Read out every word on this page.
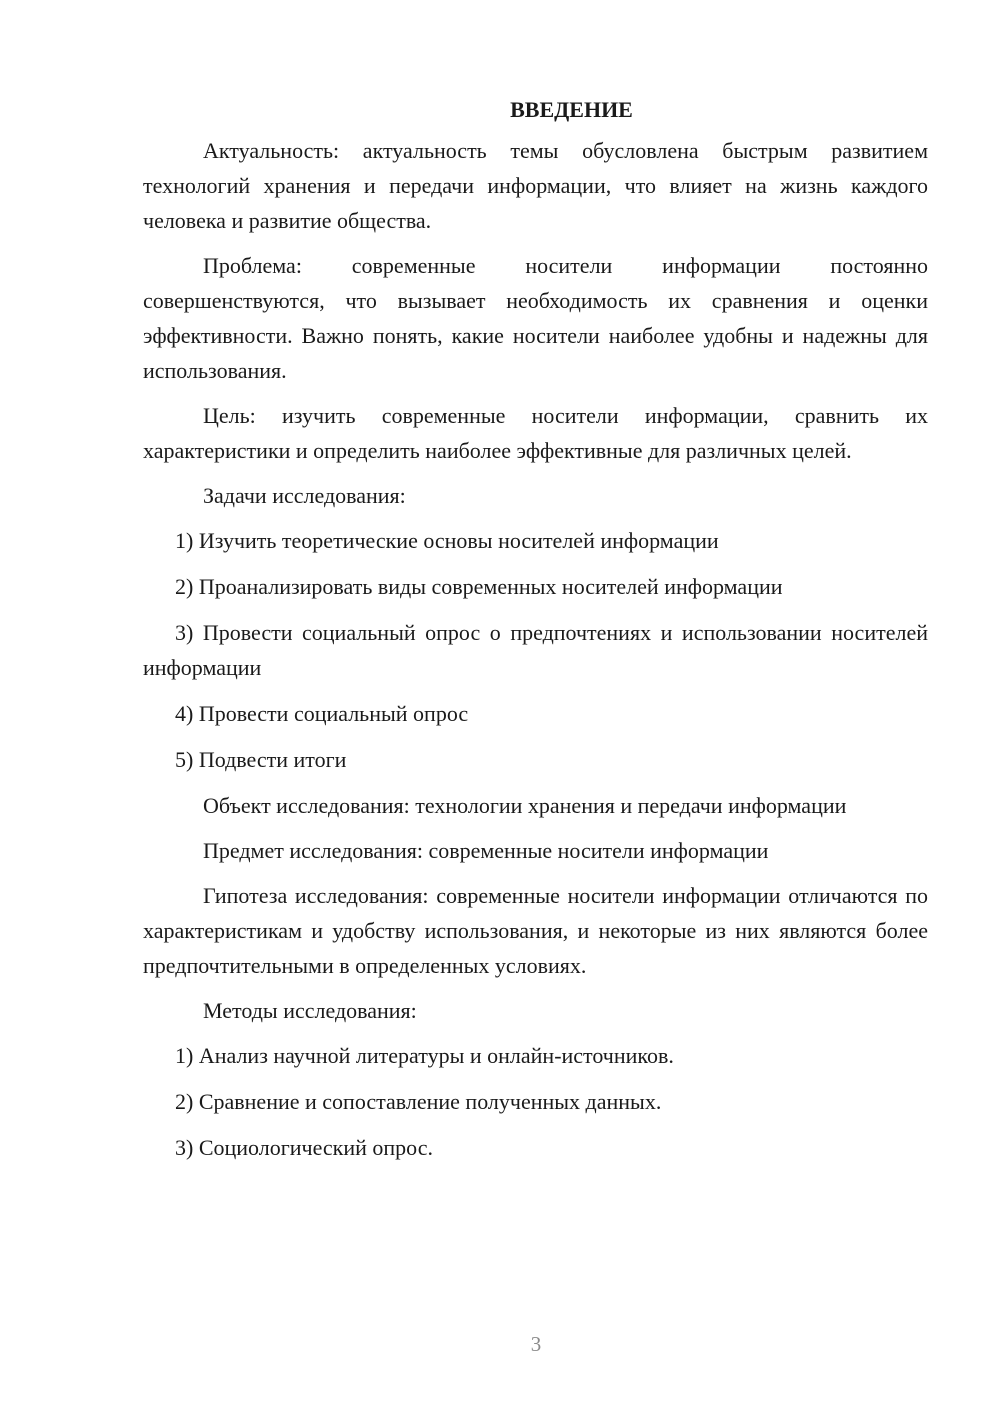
ВВЕДЕНИЕ

Актуальность: актуальность темы обусловлена быстрым развитием технологий хранения и передачи информации, что влияет на жизнь каждого человека и развитие общества.

Проблема: современные носители информации постоянно совершенствуются, что вызывает необходимость их сравнения и оценки эффективности. Важно понять, какие носители наиболее удобны и надежны для использования.

Цель: изучить современные носители информации, сравнить их характеристики и определить наиболее эффективные для различных целей.

Задачи исследования:

1) Изучить теоретические основы носителей информации

2) Проанализировать виды современных носителей информации

3) Провести социальный опрос о предпочтениях и использовании носителей информации

4) Провести социальный опрос

5) Подвести итоги

Объект исследования: технологии хранения и передачи информации

Предмет исследования: современные носители информации

Гипотеза исследования: современные носители информации отличаются по характеристикам и удобству использования, и некоторые из них являются более предпочтительными в определенных условиях.

Методы исследования:

1) Анализ научной литературы и онлайн-источников.

2) Сравнение и сопоставление полученных данных.

3) Социологический опрос.

3
